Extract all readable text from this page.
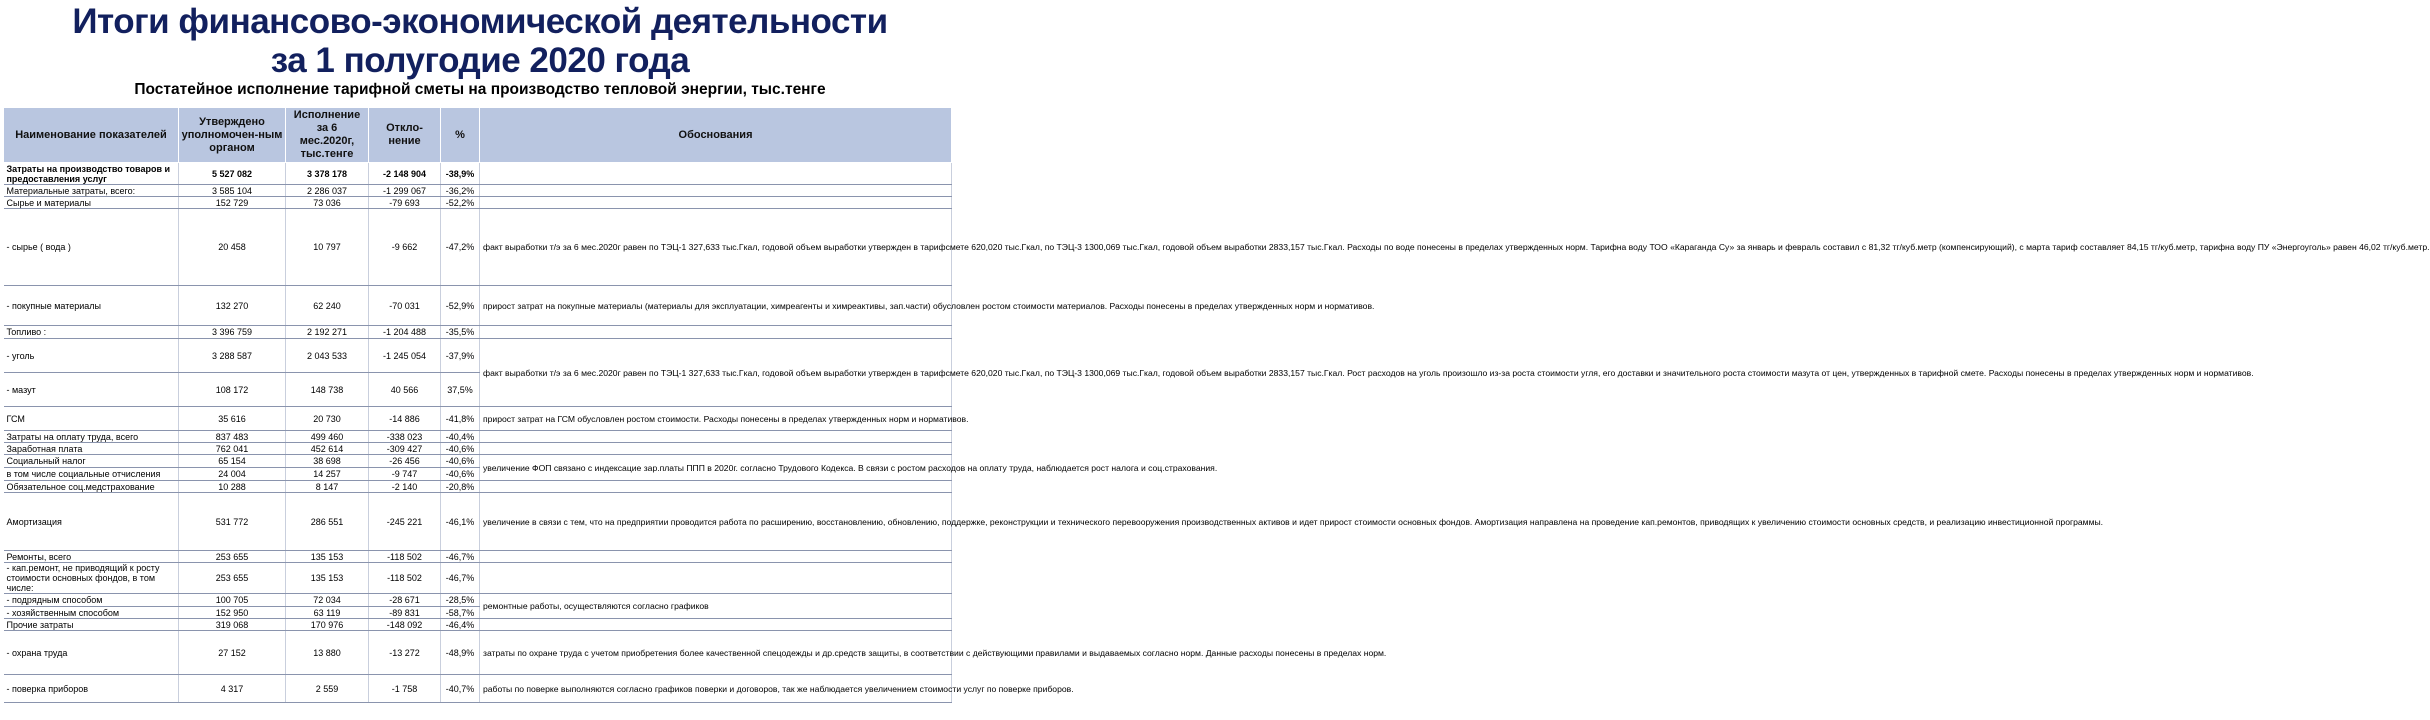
Итоги финансово-экономической деятельности
за 1 полугодие 2020 года
Постатейное исполнение тарифной сметы на производство тепловой энергии, тыс.тенге
Наименование показателей	Утверждено уполномочен-ным органом	Исполнение за 6 мес.2020г, тыс.тенге	Откло-нение	%	Обоснования
Затраты на производство товаров и предоставления услуг	5 527 082	3 378 178	-2 148 904	-38,9%	
Материальные затраты, всего:	3 585 104	2 286 037	-1 299 067	-36,2%	
Сырье и материалы	152 729	73 036	-79 693	-52,2%	
- сырье ( вода )	20 458	10 797	-9 662	-47,2%	факт выработки т/э за 6 мес.2020г равен по ТЭЦ-1 327,633 тыс.Гкал, годовой объем выработки утвержден в тарифсмете 620,020 тыс.Гкал, по ТЭЦ-3 1300,069 тыс.Гкал, годовой объем выработки 2833,157 тыс.Гкал. Расходы по воде понесены в пределах утвержденных норм. Тарифна воду ТОО «Караганда Су» за январь и февраль составил с 81,32 тг/куб.метр (компенсирующий), с марта тариф составляет 84,15 тг/куб.метр, тарифна воду ПУ «Энергоуголь» равен 46,02 тг/куб.метр.
- покупные материалы	132 270	62 240	-70 031	-52,9%	прирост затрат на покупные материалы (материалы для эксплуатации, химреагенты и химреактивы, зап.части) обусловлен ростом стоимости материалов. Расходы понесены в пределах утвержденных норм и нормативов.
Топливо :	3 396 759	2 192 271	-1 204 488	-35,5%	
- уголь	3 288 587	2 043 533	-1 245 054	-37,9%	факт выработки т/э за 6 мес.2020г равен по ТЭЦ-1 327,633 тыс.Гкал, годовой объем выработки утвержден в тарифсмете 620,020 тыс.Гкал, по ТЭЦ-3 1300,069 тыс.Гкал, годовой объем выработки 2833,157 тыс.Гкал. Рост расходов на уголь произошло из-за роста стоимости угля, его доставки и значительного роста стоимости мазута от цен, утвержденных в тарифной смете. Расходы понесены в пределах утвержденных норм и нормативов.
- мазут	108 172	148 738	40 566	37,5%	
ГСМ	35 616	20 730	-14 886	-41,8%	прирост затрат на ГСМ обусловлен ростом стоимости. Расходы понесены в пределах утвержденных норм и нормативов.
Затраты на оплату труда, всего	837 483	499 460	-338 023	-40,4%	
Заработная плата	762 041	452 614	-309 427	-40,6%	
Социальный налог	65 154	38 698	-26 456	-40,6%	увеличение ФОП связано с индексацие зар.платы ППП в 2020г. согласно Трудового Кодекса. В связи с ростом расходов на оплату труда, наблюдается рост налога и соц.страхования.
в том числе социальные отчисления	24 004	14 257	-9 747	-40,6%	
Обязательное соц.медстрахование	10 288	8 147	-2 140	-20,8%	
Амортизация	531 772	286 551	-245 221	-46,1%	увеличение в связи с тем, что на предприятии проводится работа по расширению, восстановлению, обновлению, поддержке, реконструкции и технического перевооружения производственных активов и идет прирост стоимости основных фондов. Амортизация направлена на проведение кап.ремонтов, приводящих к увеличению стоимости основных средств, и реализацию инвестиционной программы.
Ремонты, всего	253 655	135 153	-118 502	-46,7%	
- кап.ремонт, не приводящий к росту стоимости основных фондов, в том числе:	253 655	135 153	-118 502	-46,7%	
- подрядным способом	100 705	72 034	-28 671	-28,5%	ремонтные работы, осуществляются согласно графиков
- хозяйственным способом	152 950	63 119	-89 831	-58,7%	
Прочие затраты	319 068	170 976	-148 092	-46,4%	
- охрана труда	27 152	13 880	-13 272	-48,9%	затраты по охране труда с учетом приобретения более качественной спецодежды и др.средств защиты, в соответствии с действующими правилами и выдаваемых согласно норм. Данные расходы понесены в пределах норм.
- поверка приборов	4 317	2 559	-1 758	-40,7%	работы по поверке выполняются согласно графиков поверки и договоров, так же наблюдается увеличением стоимости услуг по поверке приборов.
